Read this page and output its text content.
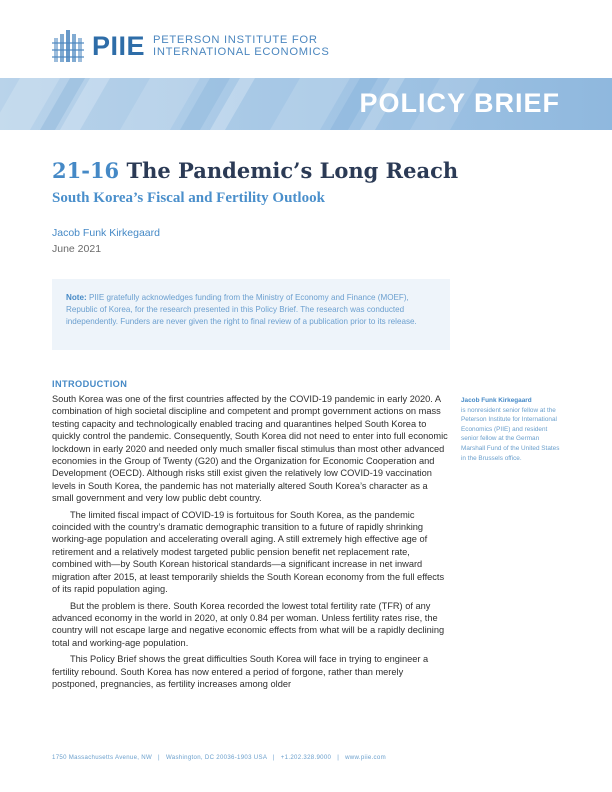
PIIE PETERSON INSTITUTE FOR
INTERNATIONAL ECONOMICS
POLICY BRIEF
21-16 The Pandemic’s Long Reach
South Korea’s Fiscal and Fertility Outlook
Jacob Funk Kirkegaard
June 2021

Note: PIIE gratefully acknowledges funding from the Ministry of Economy and Finance (MOEF), Republic of Korea, for the research presented in this Policy Brief. The research was conducted independently. Funders are never given the right to final review of a publication prior to its release.

INTRODUCTION

South Korea was one of the first countries affected by the COVID-19 pandemic in early 2020. A combination of high societal discipline and competent and prompt government actions on mass testing capacity and technologically enabled tracing and quarantines helped South Korea to quickly control the pandemic. Consequently, South Korea did not need to enter into full economic lockdown in early 2020 and needed only much smaller fiscal stimulus than most other advanced economies in the Group of Twenty (G20) and the Organization for Economic Cooperation and Development (OECD). Although risks still exist given the relatively low COVID-19 vaccination levels in South Korea, the pandemic has not materially altered South Korea’s character as a small government and very low public debt country.

The limited fiscal impact of COVID-19 is fortuitous for South Korea, as the pandemic coincided with the country’s dramatic demographic transition to a future of rapidly shrinking working-age population and accelerating overall aging. A still extremely high effective age of retirement and a relatively modest targeted public pension benefit net replacement rate, combined with—by South Korean historical standards—a significant increase in net inward migration after 2015, at least temporarily shields the South Korean economy from the full effects of its rapid population aging.

But the problem is there. South Korea recorded the lowest total fertility rate (TFR) of any advanced economy in the world in 2020, at only 0.84 per woman. Unless fertility rates rise, the country will not escape large and negative economic effects from what will be a rapidly declining total and working-age population.

This Policy Brief shows the great difficulties South Korea will face in trying to engineer a fertility rebound. South Korea has now entered a period of forgone, rather than merely postponed, pregnancies, as fertility increases among older

Jacob Funk Kirkegaard
is nonresident senior fellow at the Peterson Institute for International Economics (PIIE) and resident senior fellow at the German Marshall Fund of the United States in the Brussels office.
1750 Massachusetts Avenue, NW | Washington, DC 20036-1903 USA | +1.202.328.9000 | www.piie.com
